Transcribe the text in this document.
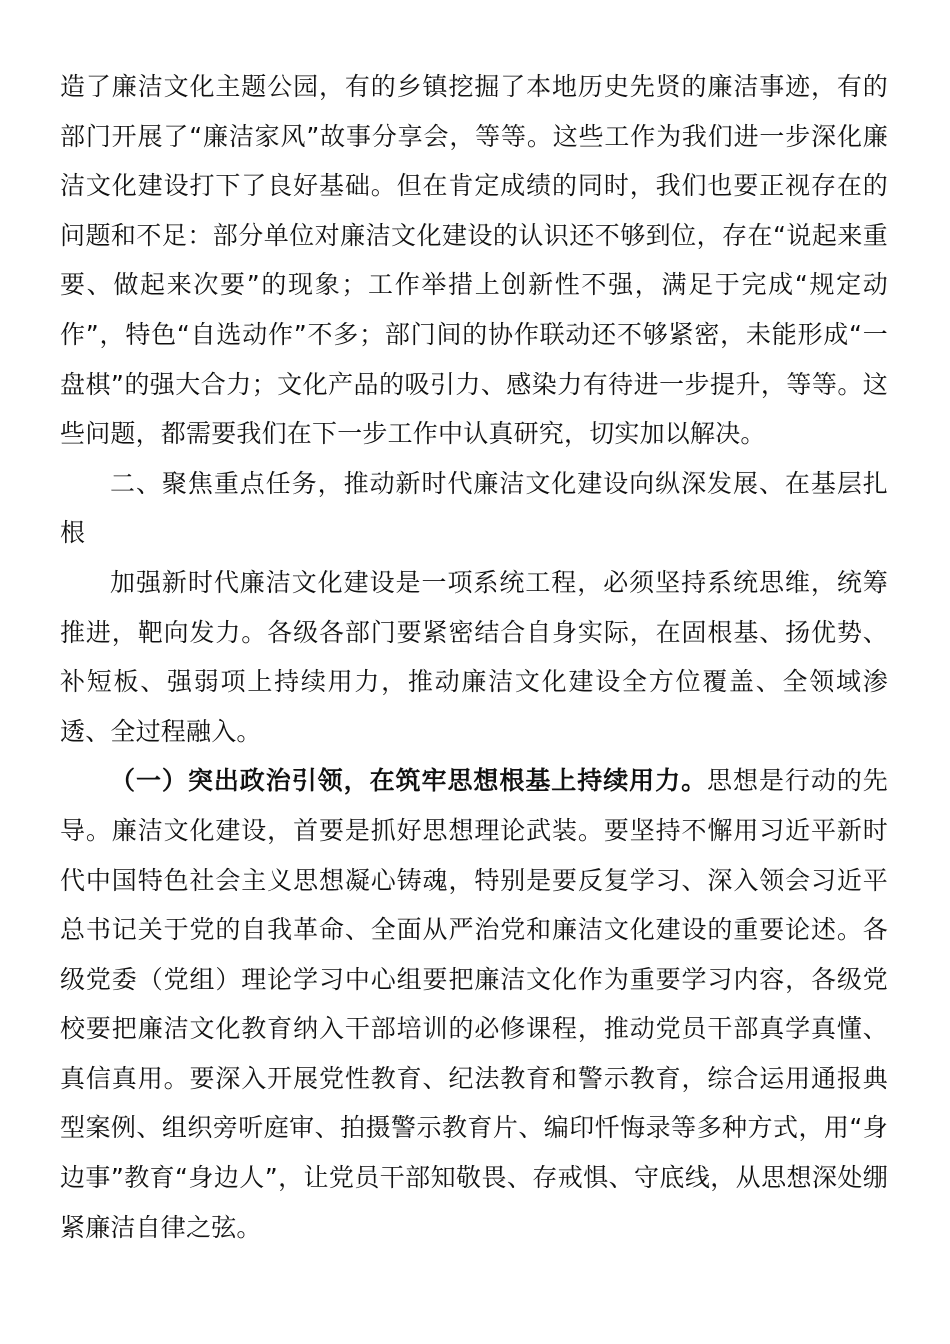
造了廉洁文化主题公园，有的乡镇挖掘了本地历史先贤的廉洁事迹，有的部门开展了“廉洁家风”故事分享会，等等。这些工作为我们进一步深化廉洁文化建设打下了良好基础。但在肯定成绩的同时，我们也要正视存在的问题和不足：部分单位对廉洁文化建设的认识还不够到位，存在“说起来重要、做起来次要”的现象；工作举措上创新性不强，满足于完成“规定动作”，特色“自选动作”不多；部门间的协作联动还不够紧密，未能形成“一盘棋”的强大合力；文化产品的吸引力、感染力有待进一步提升，等等。这些问题，都需要我们在下一步工作中认真研究，切实加以解决。

二、聚焦重点任务，推动新时代廉洁文化建设向纵深发展、在基层扎根

加强新时代廉洁文化建设是一项系统工程，必须坚持系统思维，统筹推进，靶向发力。各级各部门要紧密结合自身实际，在固根基、扬优势、补短板、强弱项上持续用力，推动廉洁文化建设全方位覆盖、全领域渗透、全过程融入。

（一）突出政治引领，在筑牢思想根基上持续用力。思想是行动的先导。廉洁文化建设，首要是抓好思想理论武装。要坚持不懈用习近平新时代中国特色社会主义思想凝心铸魂，特别是要反复学习、深入领会习近平总书记关于党的自我革命、全面从严治党和廉洁文化建设的重要论述。各级党委（党组）理论学习中心组要把廉洁文化作为重要学习内容，各级党校要把廉洁文化教育纳入干部培训的必修课程，推动党员干部真学真懂、真信真用。要深入开展党性教育、纪法教育和警示教育，综合运用通报典型案例、组织旁听庭审、拍摄警示教育片、编印忏悔录等多种方式，用“身边事”教育“身边人”，让党员干部知敬畏、存戒惧、守底线，从思想深处绷紧廉洁自律之弦。
